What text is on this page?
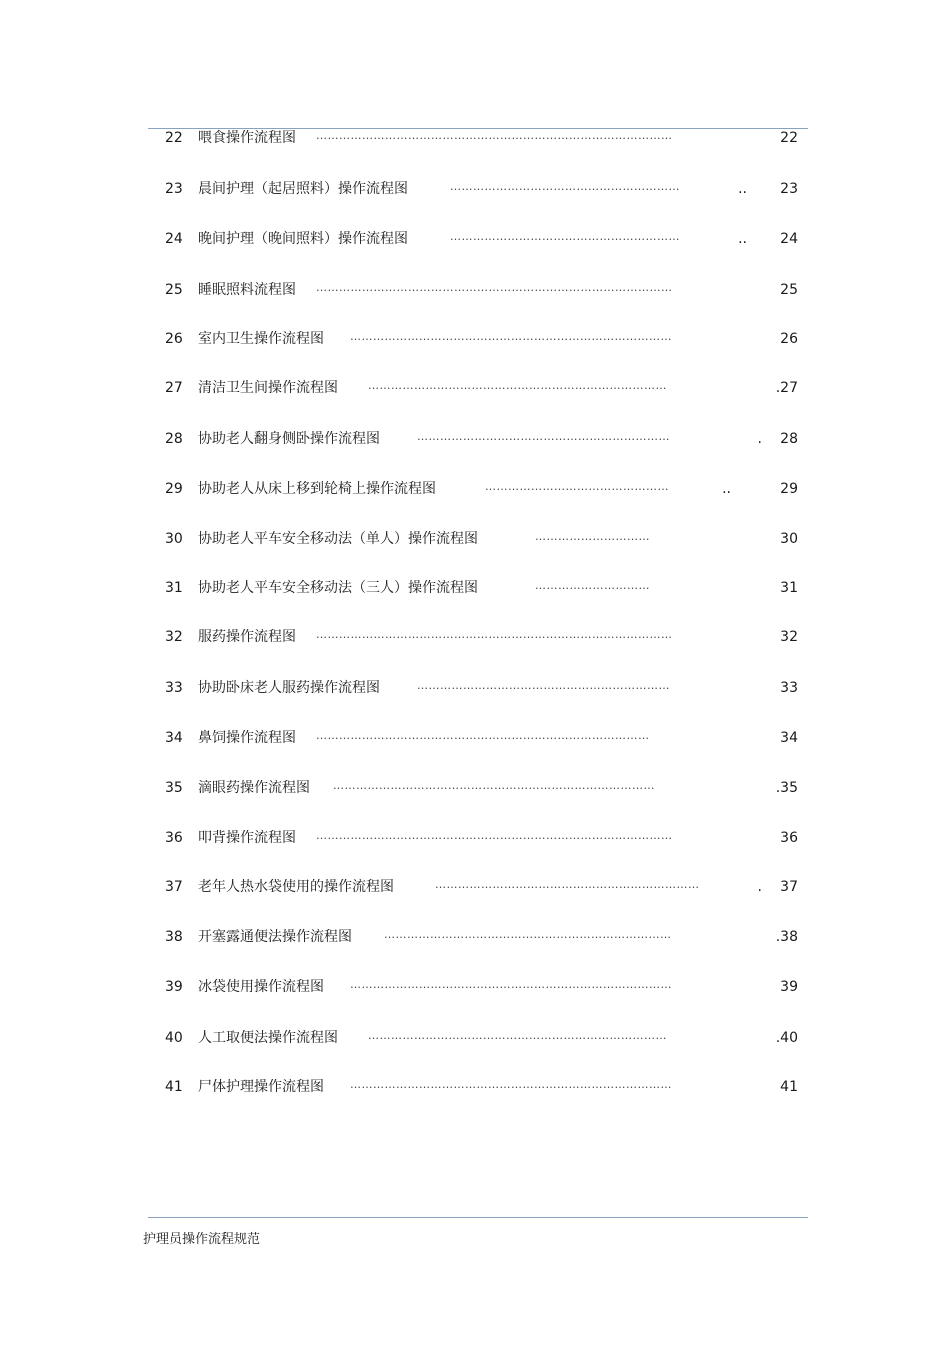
22 喂食操作流程图 …………………………………………………………………………………	22
23 晨间护理（起居照料）操作流程图	……………………………………………………	.. 23
24 晚间护理（晚间照料）操作流程图	……………………………………………………	.. 24
25 睡眠照料流程图 …………………………………………………………………………………	25
26 室内卫生操作流程图 …………………………………………………………………………	26
27 清洁卫生间操作流程图	……………………………………………………………………	.27
28 协助老人翻身侧卧操作流程图	…………………………………………………………	. 28
29 协助老人从床上移到轮椅上操作流程图	…………………………………………	..	29
30 协助老人平车安全移动法（单人）操作流程图	…………………………	30
31 协助老人平车安全移动法（三人）操作流程图	…………………………	31
32 服药操作流程图 …………………………………………………………………………………	32
33 协助卧床老人服药操作流程图	…………………………………………………………	33
34 鼻饲操作流程图 ……………………………………………………………………………	34
35 滴眼药操作流程图 …………………………………………………………………………	.35
36 叩背操作流程图 …………………………………………………………………………………	36
37 老年人热水袋使用的操作流程图	……………………………………………………………	. 37
38 开塞露通便法操作流程图	…………………………………………………………………	.38
39 冰袋使用操作流程图 …………………………………………………………………………	39
40 人工取便法操作流程图	……………………………………………………………………	.40
41 尸体护理操作流程图 …………………………………………………………………………	41
护理员操作流程规范
